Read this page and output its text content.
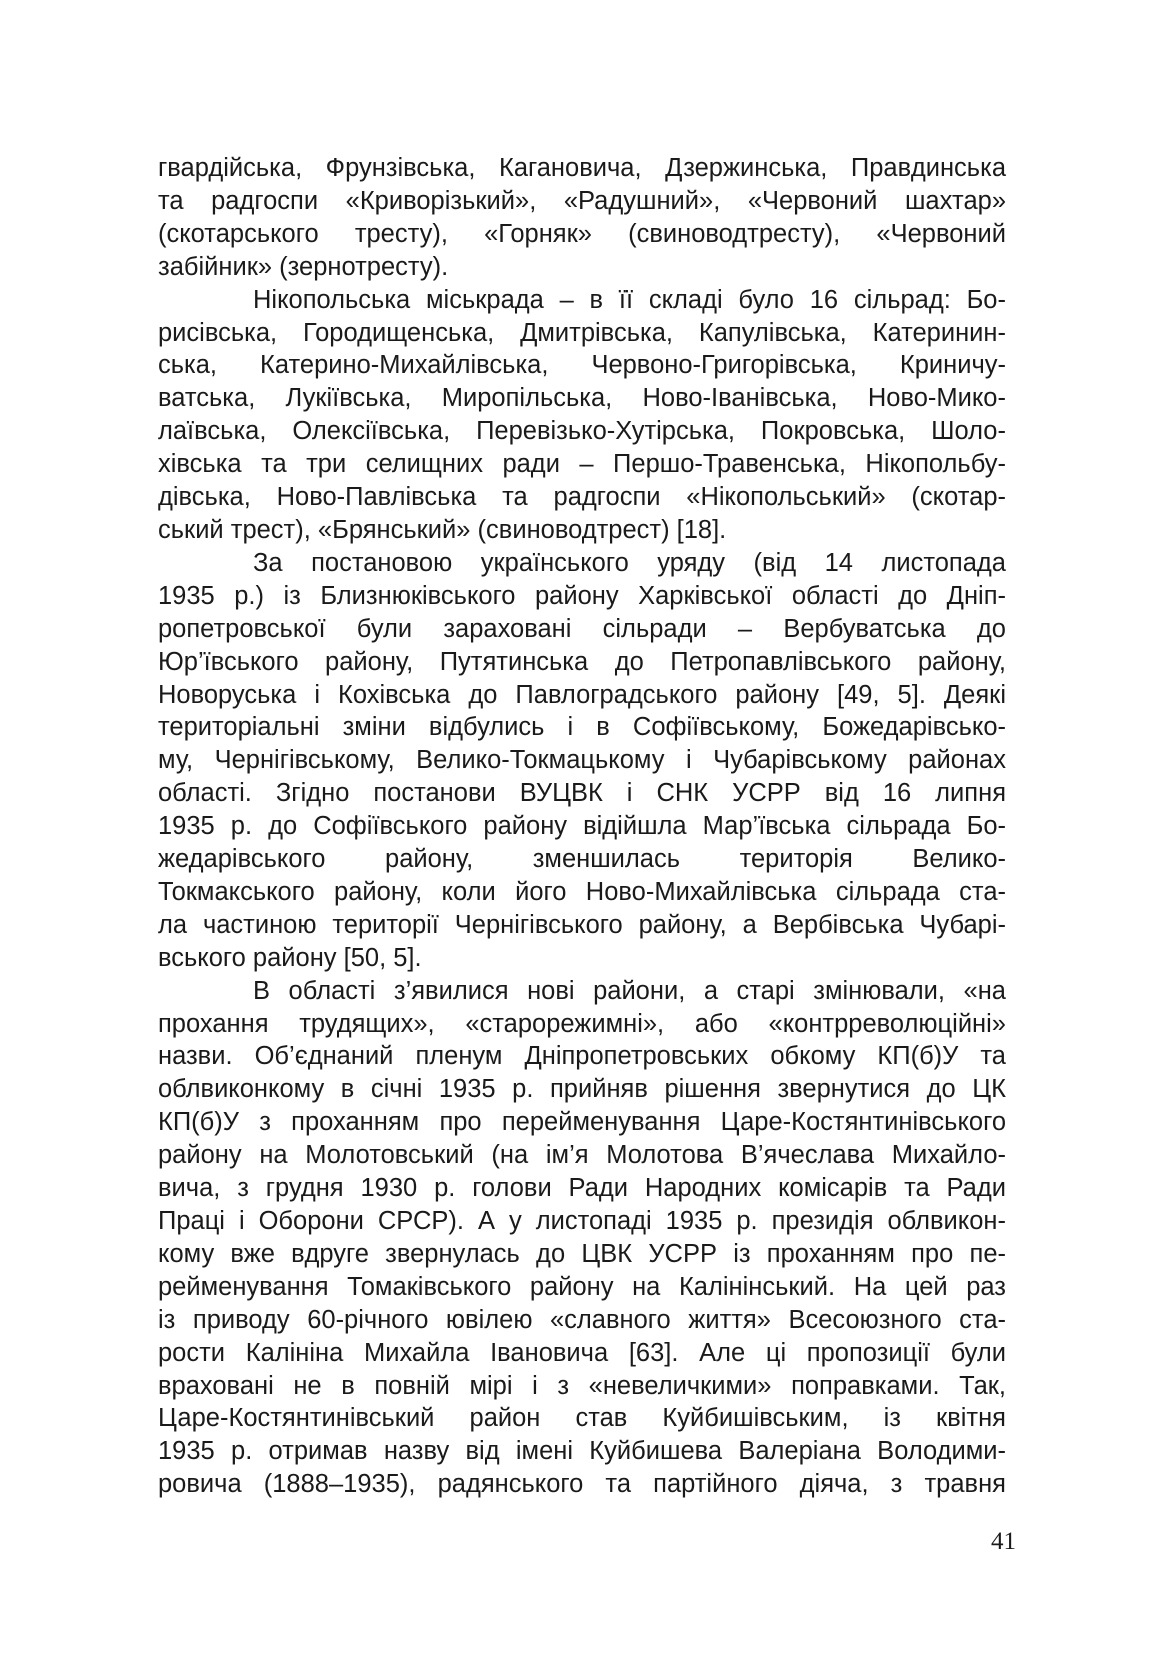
гвардійська, Фрунзівська, Кагановича, Дзержинська, Правдинська
та радгоспи «Криворізький», «Радушний», «Червоний шахтар»
(скотарського тресту), «Горняк» (свиноводтресту), «Червоний
забійник» (зернотресту).
Нікопольська міськрада – в її складі було 16 сільрад: Бо-
рисівська, Городищенська, Дмитрівська, Капулівська, Катеринин-
ська, Катерино-Михайлівська, Червоно-Григорівська, Криничу-
ватська, Лукіївська, Миропільська, Ново-Іванівська, Ново-Мико-
лаївська, Олексіївська, Перевізько-Хутірська, Покровська, Шоло-
хівська та три селищних ради – Першо-Травенська, Нікопольбу-
дівська, Ново-Павлівська та радгоспи «Нікопольський» (скотар-
ський трест), «Брянський» (свиноводтрест) [18].
За постановою українського уряду (від 14 листопада
1935 р.) із Близнюківського району Харківської області до Дніп-
ропетровської були зараховані сільради – Вербуватська до
Юр’ївського району, Путятинська до Петропавлівського району,
Новоруська і Кохівська до Павлоградського району [49, 5]. Деякі
територіальні зміни відбулись і в Софіївському, Божедарівсько-
му, Чернігівському, Велико-Токмацькому і Чубарівському районах
області. Згідно постанови ВУЦВК і СНК УСРР від 16 липня
1935 р. до Софіївського району відійшла Мар’ївська сільрада Бо-
жедарівського району, зменшилась територія Велико-
Токмакського району, коли його Ново-Михайлівська сільрада ста-
ла частиною території Чернігівського району, а Вербівська Чубарі-
вського району [50, 5].
В області з’явилися нові райони, а старі змінювали, «на
прохання трудящих», «старорежимні», або «контрреволюційні»
назви. Об’єднаний пленум Дніпропетровських обкому КП(б)У та
облвиконкому в січні 1935 р. прийняв рішення звернутися до ЦК
КП(б)У з проханням про перейменування Царе-Костянтинівського
району на Молотовський (на ім’я Молотова В’ячеслава Михайло-
вича, з грудня 1930 р. голови Ради Народних комісарів та Ради
Праці і Оборони СРСР). А у листопаді 1935 р. президія облвикон-
кому вже вдруге звернулась до ЦВК УСРР із проханням про пе-
рейменування Томаківського району на Калінінський. На цей раз
із приводу 60-річного ювілею «славного життя» Всесоюзного ста-
рости Калініна Михайла Івановича [63]. Але ці пропозиції були
враховані не в повній мірі і з «невеличкими» поправками. Так,
Царе-Костянтинівський район став Куйбишівським, із квітня
1935 р. отримав назву від імені Куйбишева Валеріана Володими-
ровича (1888–1935), радянського та партійного діяча, з травня
41
